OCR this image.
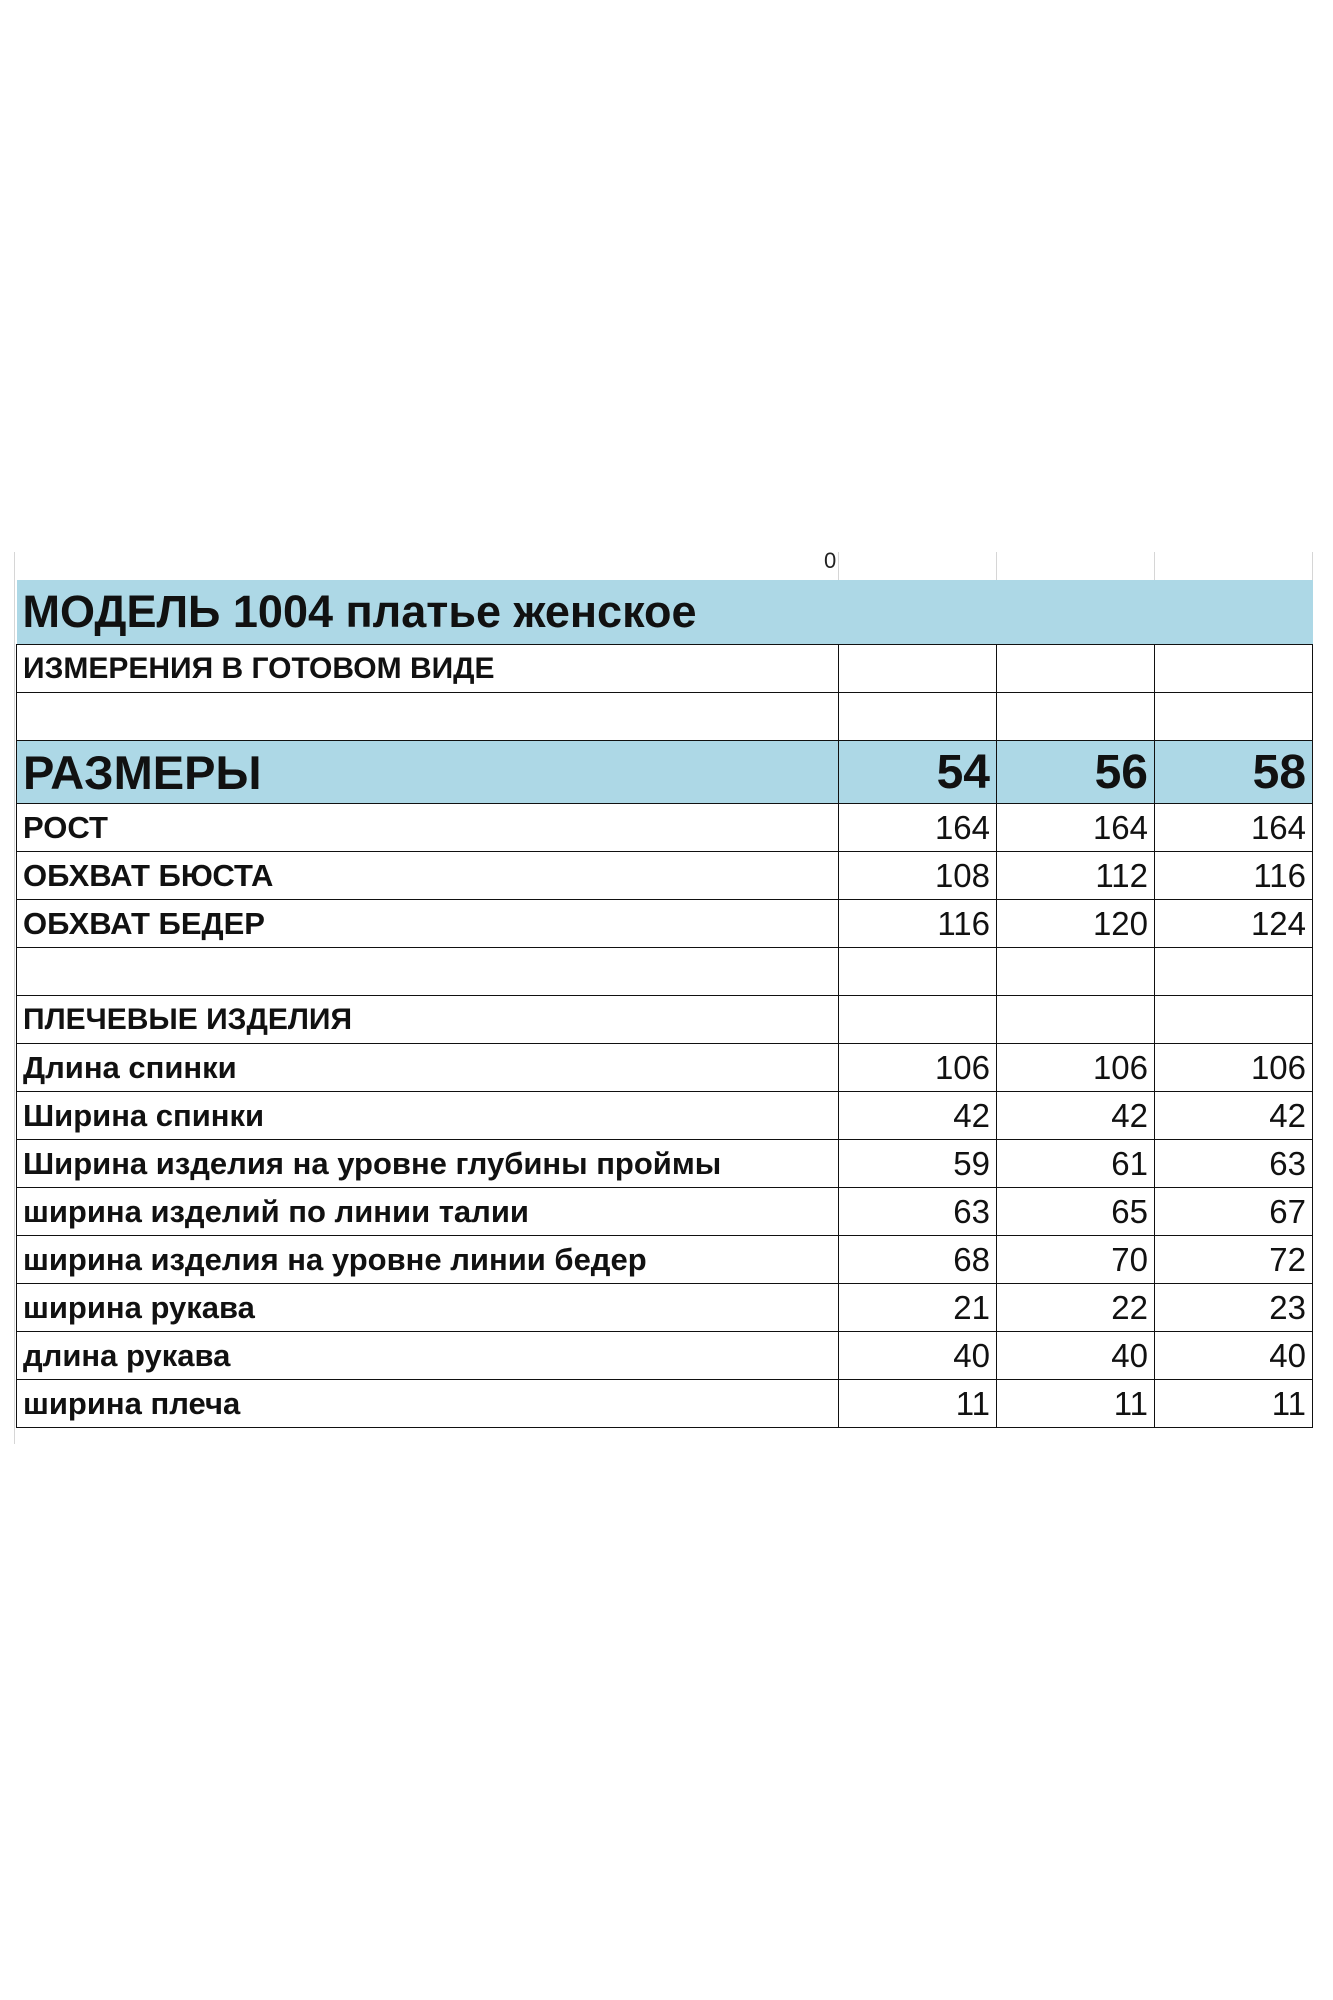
0
МОДЕЛЬ 1004 платье женское			
ИЗМЕРЕНИЯ В ГОТОВОМ ВИДЕ			

РАЗМЕРЫ	54	56	58
РОСТ	164	164	164
ОБХВАТ БЮСТА	108	112	116
ОБХВАТ БЕДЕР	116	120	124

ПЛЕЧЕВЫЕ ИЗДЕЛИЯ			
Длина спинки	106	106	106
Ширина спинки	42	42	42
Ширина изделия на уровне глубины проймы	59	61	63
ширина изделий по линии талии	63	65	67
ширина изделия на уровне линии бедер	68	70	72
ширина рукава	21	22	23
длина рукава	40	40	40
ширина плеча	11	11	11
